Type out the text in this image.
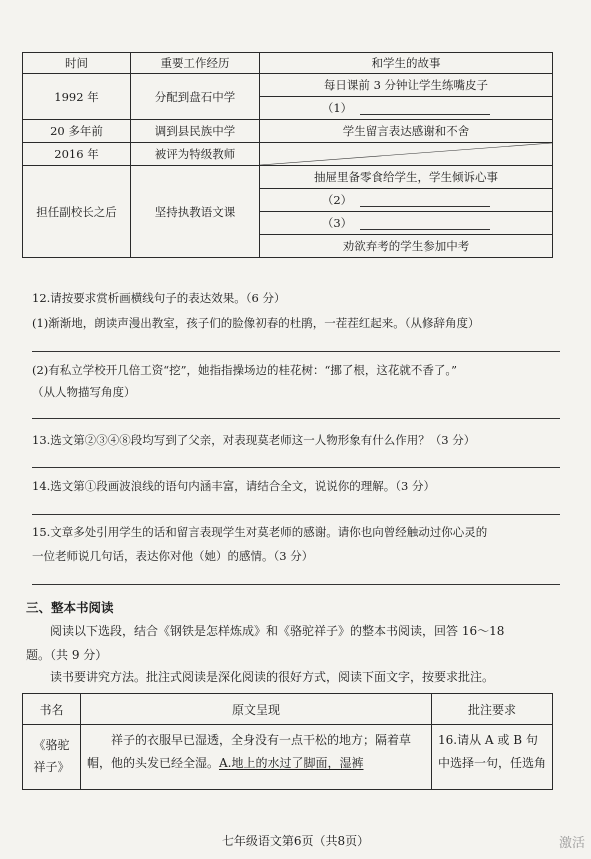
时间	重要工作经历	和学生的故事
1992 年	分配到盘石中学	每日课前 3 分钟让学生练嘴皮子
（1）

20 多年前	调到县民族中学	学生留言表达感谢和不舍

2016 年	被评为特级教师	

担任副校长之后	坚持执教语文课	抽屉里备零食给学生，学生倾诉心事
（2）
（3）
劝欲弃考的学生参加中考
12.请按要求赏析画横线句子的表达效果。（6 分）
(1)渐渐地，朗读声漫出教室，孩子们的脸像初春的杜鹃，一茬茬红起来。（从修辞角度）
(2)有私立学校开几倍工资“挖”，她指指操场边的桂花树：“挪了根，这花就不香了。”
（从人物描写角度）
13.选文第②③④⑧段均写到了父亲，对表现莫老师这一人物形象有什么作用？（3 分）
14.选文第①段画波浪线的语句内涵丰富，请结合全文，说说你的理解。（3 分）
15.文章多处引用学生的话和留言表现学生对莫老师的感谢。请你也向曾经触动过你心灵的
一位老师说几句话，表达你对他（她）的感情。（3 分）
三、整本书阅读
阅读以下选段，结合《钢铁是怎样炼成》和《骆驼祥子》的整本书阅读，回答 16～18
题。（共 9 分）
读书要讲究方法。批注式阅读是深化阅读的很好方式，阅读下面文字，按要求批注。
书名	原文呈现	批注要求
《骆驼祥子》	祥子的衣服早已湿透，全身没有一点干松的地方；隔着草帽，他的头发已经全湿。A.地上的水过了脚面，湿裤	16.请从 A 或 B 句中选择一句，任选角
七年级语文第6页（共8页）	激活
